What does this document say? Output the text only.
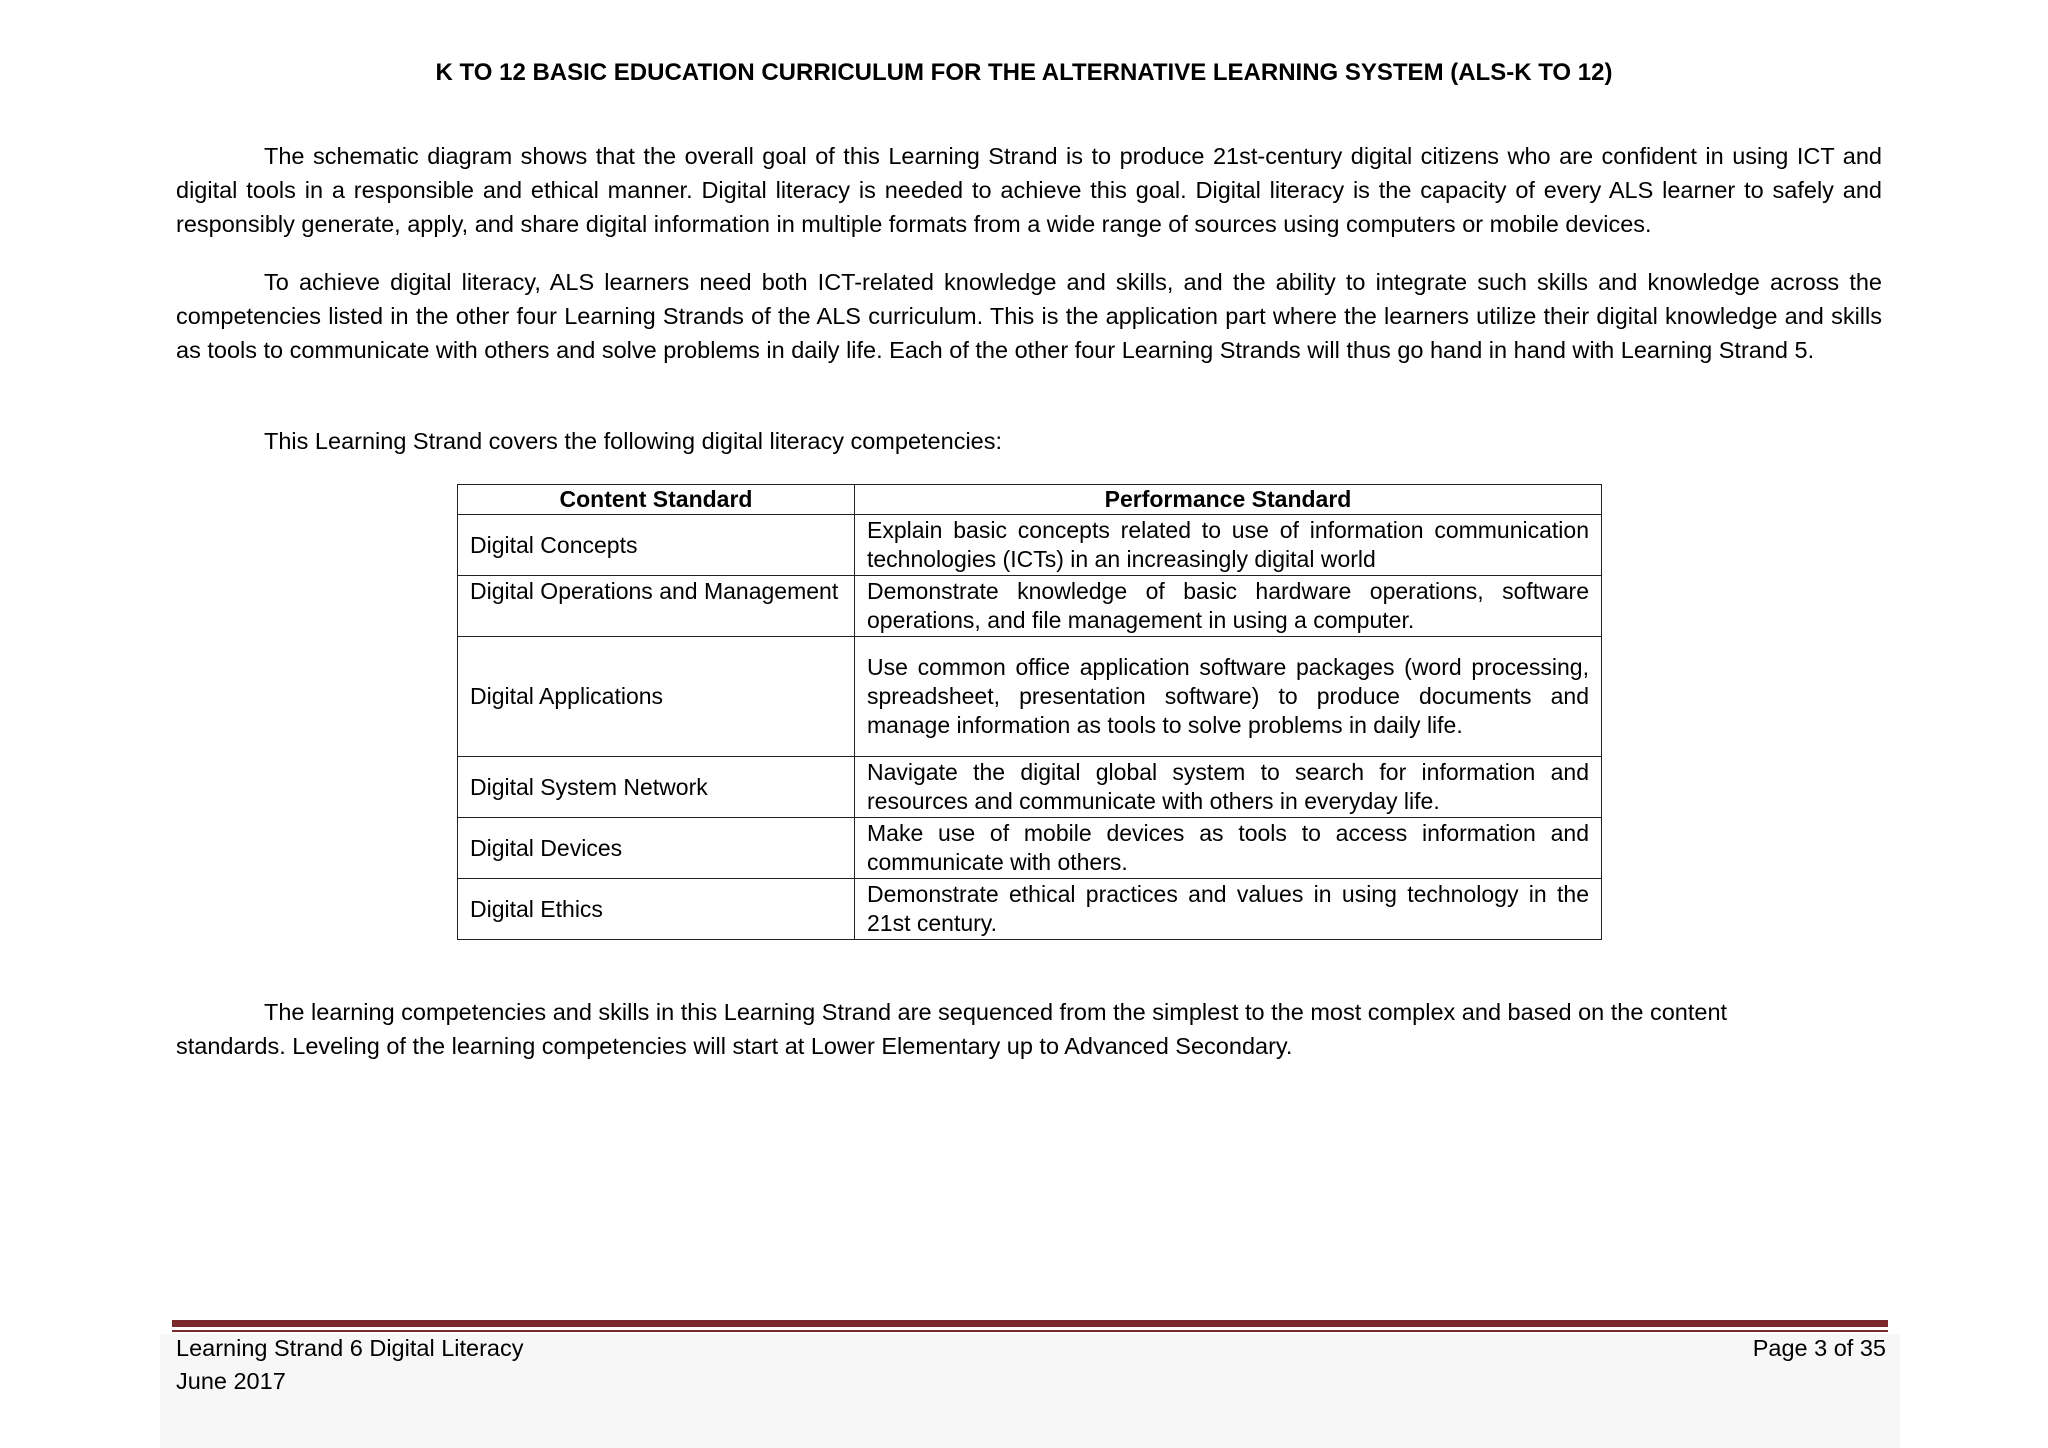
K TO 12 BASIC EDUCATION CURRICULUM FOR THE ALTERNATIVE LEARNING SYSTEM (ALS-K TO 12)

The schematic diagram shows that the overall goal of this Learning Strand is to produce 21st-century digital citizens who are confident in using ICT and digital tools in a responsible and ethical manner. Digital literacy is needed to achieve this goal. Digital literacy is the capacity of every ALS learner to safely and responsibly generate, apply, and share digital information in multiple formats from a wide range of sources using computers or mobile devices.

To achieve digital literacy, ALS learners need both ICT-related knowledge and skills, and the ability to integrate such skills and knowledge across the competencies listed in the other four Learning Strands of the ALS curriculum. This is the application part where the learners utilize their digital knowledge and skills as tools to communicate with others and solve problems in daily life. Each of the other four Learning Strands will thus go hand in hand with Learning Strand 5.

This Learning Strand covers the following digital literacy competencies:

Content Standard	Performance Standard
Digital Concepts	Explain basic concepts related to use of information communication technologies (ICTs) in an increasingly digital world
Digital Operations and Management	Demonstrate knowledge of basic hardware operations, software operations, and file management in using a computer.
Digital Applications	Use common office application software packages (word processing, spreadsheet, presentation software) to produce documents and manage information as tools to solve problems in daily life.
Digital System Network	Navigate the digital global system to search for information and resources and communicate with others in everyday life.
Digital Devices	Make use of mobile devices as tools to access information and communicate with others.
Digital Ethics	Demonstrate ethical practices and values in using technology in the 21st century.

The learning competencies and skills in this Learning Strand are sequenced from the simplest to the most complex and based on the content standards. Leveling of the learning competencies will start at Lower Elementary up to Advanced Secondary.

Learning Strand 6 Digital Literacy
June 2017
Page 3 of 35
